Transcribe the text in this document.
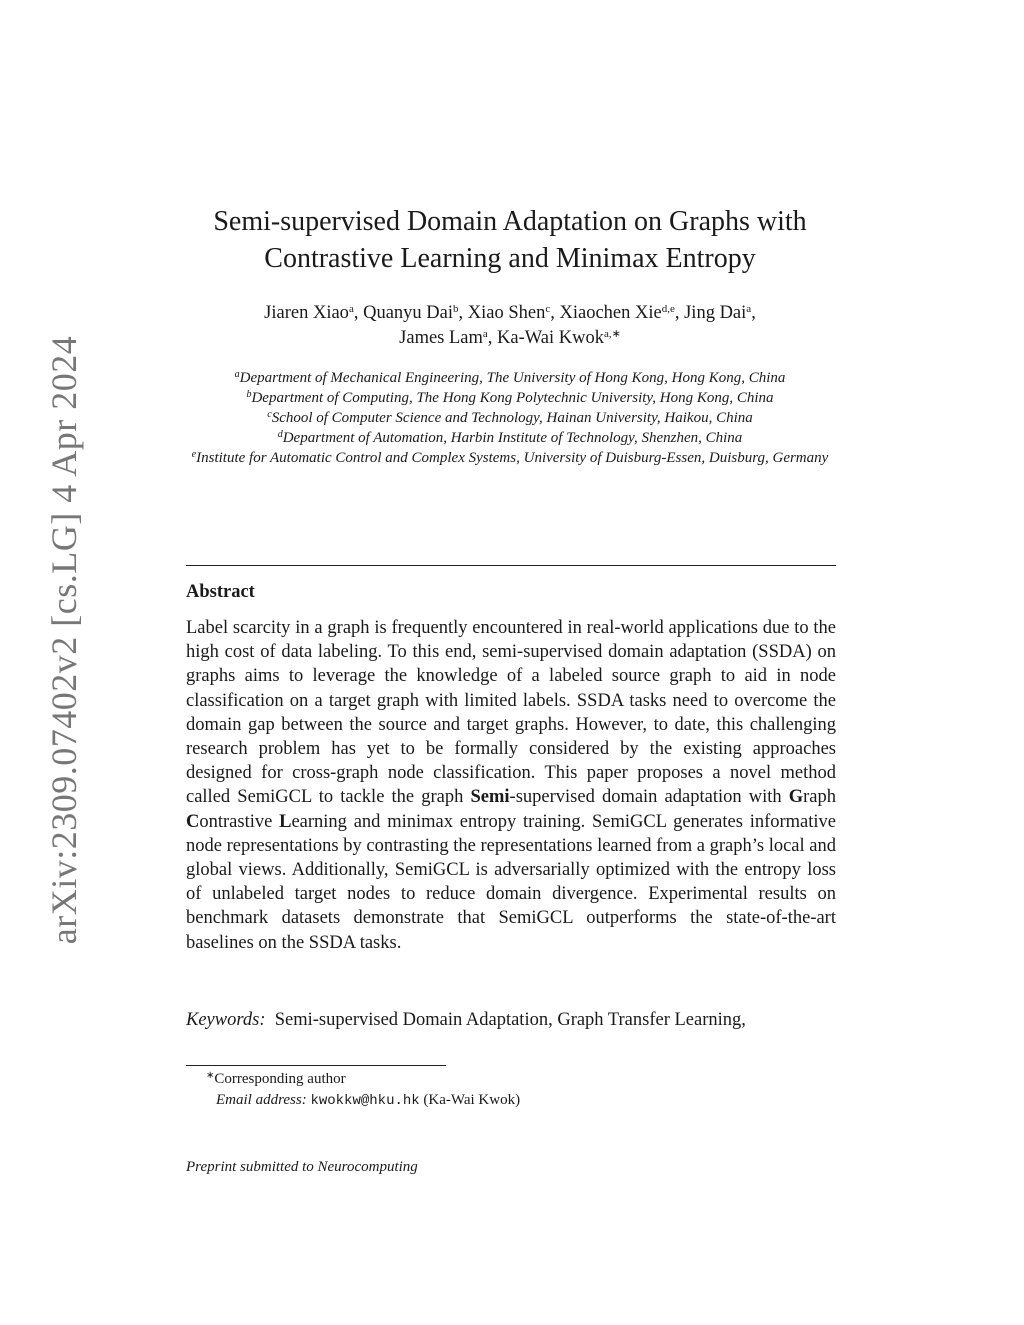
arXiv:2309.07402v2 [cs.LG] 4 Apr 2024
Semi-supervised Domain Adaptation on Graphs with
Contrastive Learning and Minimax Entropy
Jiaren Xiao$^a$, Quanyu Dai$^b$, Xiao Shen$^c$, Xiaochen Xie$^{d,e}$, Jing Dai$^a$,
James Lam$^a$, Ka-Wai Kwok$^{a,∗}$
$^a$Department of Mechanical Engineering, The University of Hong Kong, Hong Kong, China
$^b$Department of Computing, The Hong Kong Polytechnic University, Hong Kong, China
$^c$School of Computer Science and Technology, Hainan University, Haikou, China
$^d$Department of Automation, Harbin Institute of Technology, Shenzhen, China
$^e$Institute for Automatic Control and Complex Systems, University of Duisburg-Essen, Duisburg, Germany
Abstract
Label scarcity in a graph is frequently encountered in real-world applications due to the high cost of data labeling. To this end, semi-supervised domain adaptation (SSDA) on graphs aims to leverage the knowledge of a labeled source graph to aid in node classification on a target graph with limited labels. SSDA tasks need to overcome the domain gap between the source and target graphs. However, to date, this challenging research problem has yet to be formally considered by the existing approaches designed for cross-graph node classification. This paper proposes a novel method called SemiGCL to tackle the graph Semi-supervised domain adaptation with Graph Contrastive Learning and minimax entropy training. SemiGCL generates informative node representations by contrasting the representations learned from a graph’s local and global views. Additionally, SemiGCL is adversarially optimized with the entropy loss of unlabeled target nodes to reduce domain divergence. Experimental results on benchmark datasets demonstrate that SemiGCL outperforms the state-of-the-art baselines on the SSDA tasks.
Keywords: Semi-supervised Domain Adaptation, Graph Transfer Learning,
∗Corresponding author
Email address: kwokkw@hku.hk (Ka-Wai Kwok)
Preprint submitted to Neurocomputing
